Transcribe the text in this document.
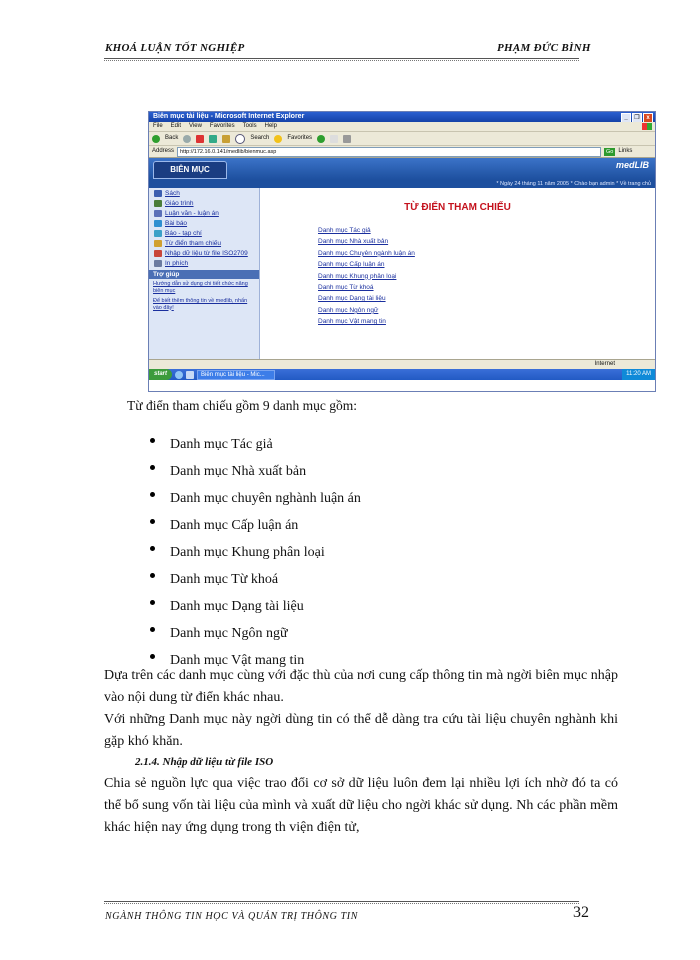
KHOÁ LUẬN TỐT NGHIỆP	PHẠM ĐỨC BÌNH
Biên mục tài liệu - Microsoft Internet Explorer	_	❐	x
File Edit View Favorites Tools Help
Back	Search	Favorites
Address	http://172.16.0.141/medlib/bienmuc.asp	Go Links
BIÊN MỤC	medLIB
* Ngày 24 tháng 11 năm 2005 * Chào bạn admin * Về trang chủ
Sách
Giáo trình
Luận văn - luận án
Bài báo
Báo - tạp chí
Từ điển tham chiếu
Nhập dữ liệu từ file ISO2709
In phích
Trợ giúp
Hướng dẫn sử dụng chi tiết chức năng biên mục
Để biết thêm thông tin về medlib, nhấn vào đây!
TỪ ĐIỂN THAM CHIẾU
Danh mục Tác giả
Danh mục Nhà xuất bản
Danh mục Chuyên ngành luận án
Danh mục Cấp luận án
Danh mục Khung phân loại
Danh mục Từ khoá
Danh mục Dạng tài liệu
Danh mục Ngôn ngữ
Danh mục Vật mang tin
Internet
start	Biên mục tài liệu - Mic...	11:20 AM
Từ điển tham chiếu gồm 9 danh mục gồm:
Danh mục Tác giả
Danh mục Nhà xuất bản
Danh mục chuyên nghành luận án
Danh mục Cấp luận án
Danh mục Khung phân loại
Danh mục Từ khoá
Danh mục Dạng tài liệu
Danh mục Ngôn ngữ
Danh mục Vật mang tin
Dựa trên các danh mục cùng với đặc thù của nơi cung cấp thông tin mà ngời biên mục nhập vào nội dung từ điển khác nhau.
Với những Danh mục này ngời dùng tin có thể dễ dàng tra cứu tài liệu chuyên nghành khi gặp khó khăn.
2.1.4. Nhập dữ liệu từ file ISO
Chia sẻ nguồn lực qua việc trao đổi cơ sở dữ liệu luôn đem lại nhiều lợi ích nhờ đó ta có thể bổ sung vốn tài liệu của mình và xuất dữ liệu cho ngời khác sử dụng. Nh các phần mềm khác hiện nay ứng dụng trong th viện điện tử,
NGÀNH THÔNG TIN HỌC VÀ QUẢN TRỊ THÔNG TIN	32
